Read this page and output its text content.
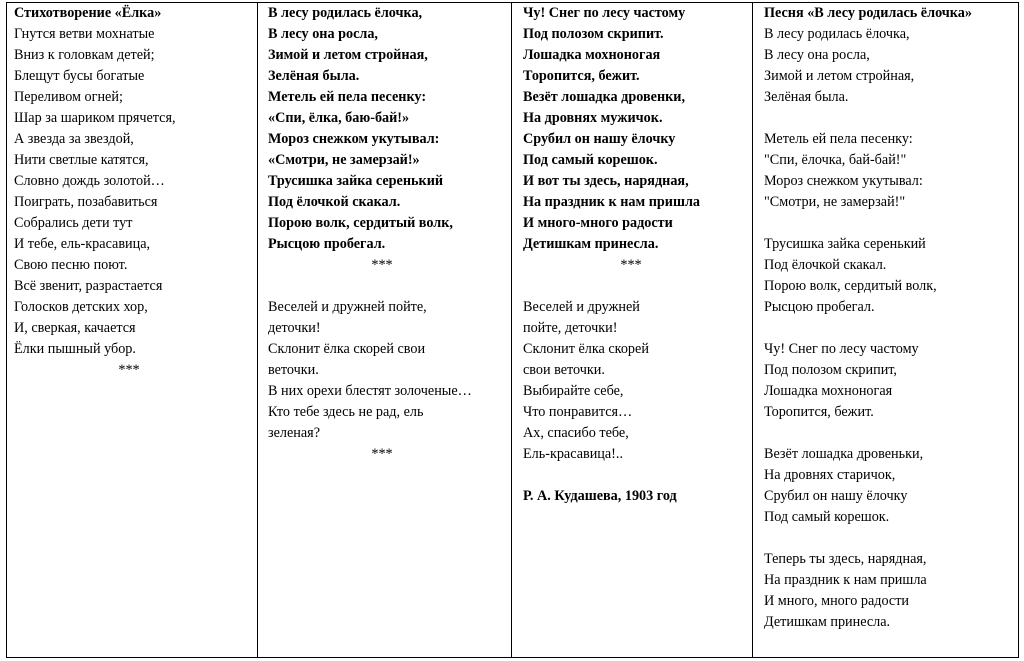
Стихотворение «Ёлка»
Гнутся ветви мохнатые
Вниз к головкам детей;
Блещут бусы богатые
Переливом огней;
Шар за шариком прячется,
А звезда за звездой,
Нити светлые катятся,
Словно дождь золотой…
Поиграть, позабавиться
Собрались дети тут
И тебе, ель-красавица,
Свою песню поют.
Всё звенит, разрастается
Голосков детских хор,
И, сверкая, качается
Ёлки пышный убор.
***
В лесу родилась ёлочка,
В лесу она росла,
Зимой и летом стройная,
Зелёная была.
Метель ей пела песенку:
«Спи, ёлка, баю-бай!»
Мороз снежком укутывал:
«Смотри, не замерзай!»
Трусишка зайка серенький
Под ёлочкой скакал.
Порою волк, сердитый волк,
Рысцою пробегал.
***
Веселей и дружней пойте,
деточки!
Склонит ёлка скорей свои
веточки.
В них орехи блестят золоченые…
Кто тебе здесь не рад, ель
зеленая?
***
Чу! Снег по лесу частому
Под полозом скрипит.
Лошадка мохноногая
Торопится, бежит.
Везёт лошадка дровенки,
На дровнях мужичок.
Срубил он нашу ёлочку
Под самый корешок.
И вот ты здесь, нарядная,
На праздник к нам пришла
И много-много радости
Детишкам принесла.
***
Веселей и дружней
пойте, деточки!
Склонит ёлка скорей
свои веточки.
Выбирайте себе,
Что понравится…
Ах, спасибо тебе,
Ель-красавица!..
Р. А. Кудашева, 1903 год
Песня «В лесу родилась ёлочка»
В лесу родилась ёлочка,
В лесу она росла,
Зимой и летом стройная,
Зелёная была.
Метель ей пела песенку:
"Спи, ёлочка, бай-бай!"
Мороз снежком укутывал:
"Смотри, не замерзай!"
Трусишка зайка серенький
Под ёлочкой скакал.
Порою волк, сердитый волк,
Рысцою пробегал.
Чу! Снег по лесу частому
Под полозом скрипит,
Лошадка мохноногая
Торопится, бежит.
Везёт лошадка дровеньки,
На дровнях старичок,
Срубил он нашу ёлочку
Под самый корешок.
Теперь ты здесь, нарядная,
На праздник к нам пришла
И много, много радости
Детишкам принесла.
